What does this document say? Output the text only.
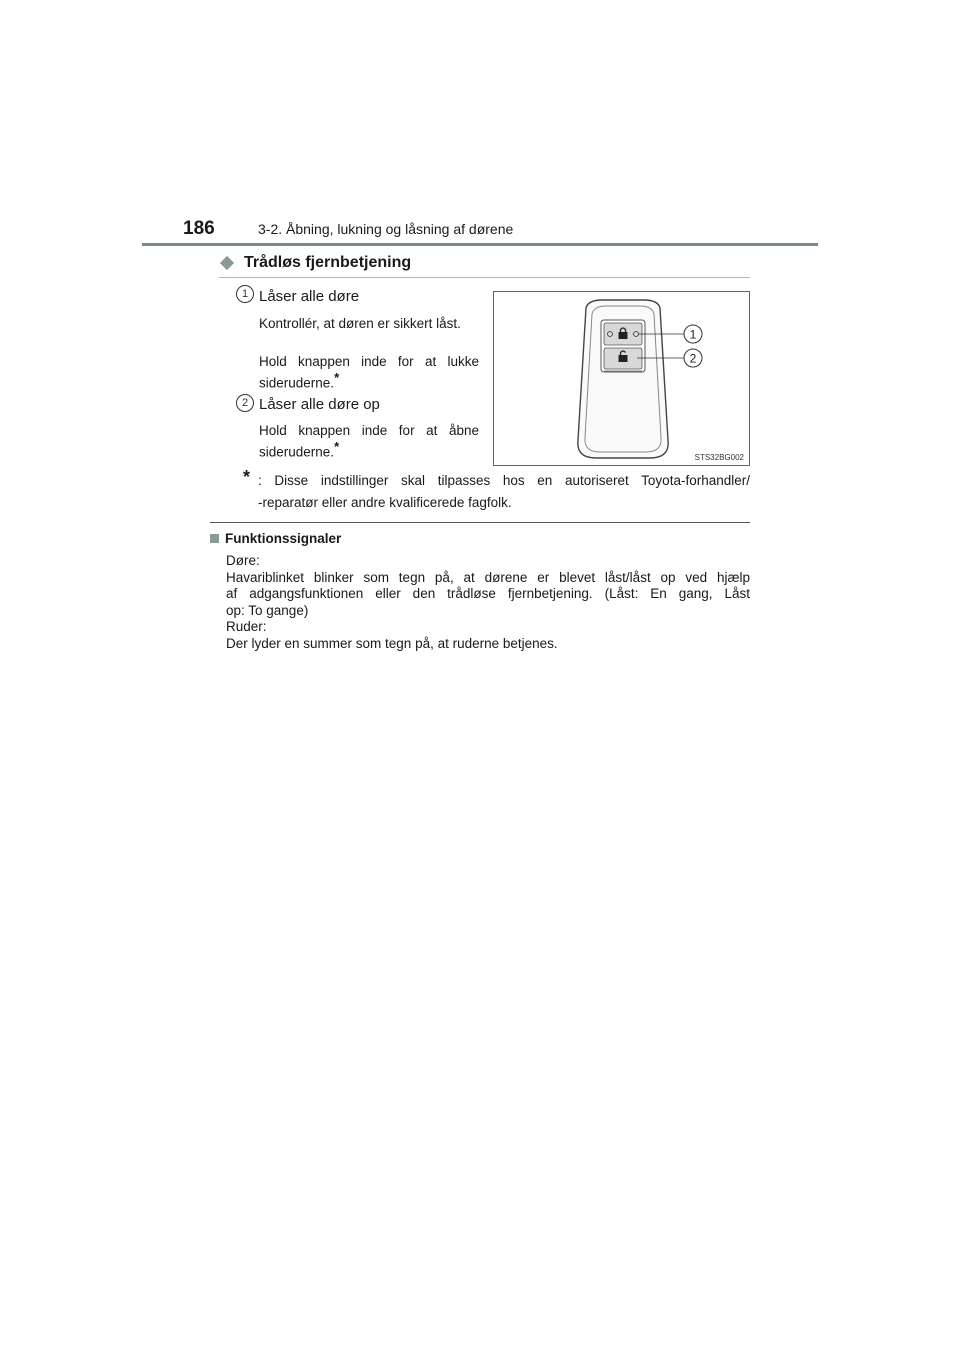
186	3-2. Åbning, lukning og låsning af dørene
Trådløs fjernbetjening
1 Låser alle døre
Kontrollér, at døren er sikkert låst.
Hold knappen inde for at lukke sideruderne.*
2 Låser alle døre op
Hold knappen inde for at åbne sideruderne.*
1
2
STS32BG002
* : Disse indstillinger skal tilpasses hos en autoriseret Toyota-forhandler/
-reparatør eller andre kvalificerede fagfolk.
Funktionssignaler
Døre:
Havariblinket blinker som tegn på, at dørene er blevet låst/låst op ved hjælp
af adgangsfunktionen eller den trådløse fjernbetjening. (Låst: En gang, Låst
op: To gange)
Ruder:
Der lyder en summer som tegn på, at ruderne betjenes.
